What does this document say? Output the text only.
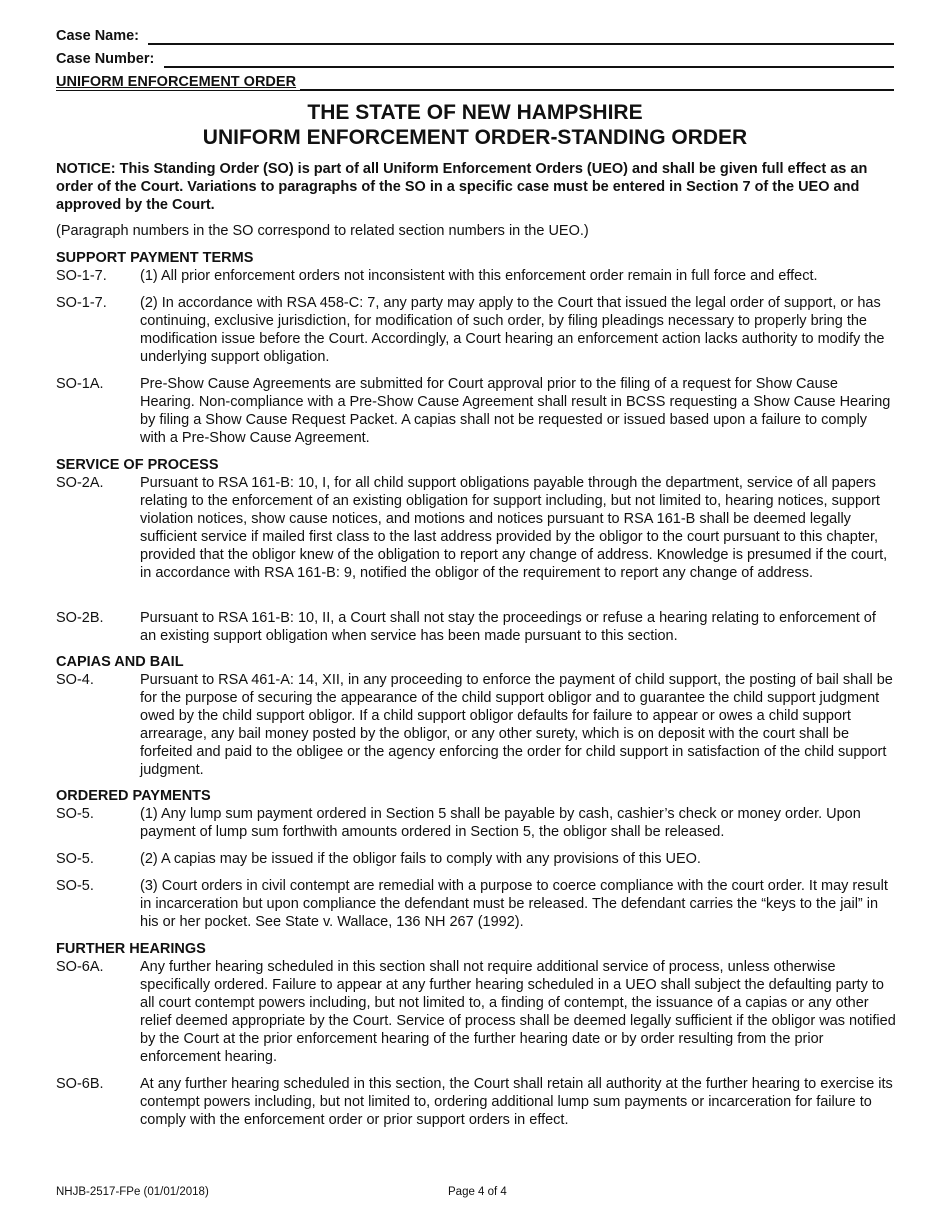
Case Name:
Case Number:
UNIFORM ENFORCEMENT ORDER
THE STATE OF NEW HAMPSHIRE
UNIFORM ENFORCEMENT ORDER-STANDING ORDER
NOTICE: This Standing Order (SO) is part of all Uniform Enforcement Orders (UEO) and shall be given full effect as an order of the Court. Variations to paragraphs of the SO in a specific case must be entered in Section 7 of the UEO and approved by the Court.
(Paragraph numbers in the SO correspond to related section numbers in the UEO.)
SUPPORT PAYMENT TERMS
SO-1-7.	(1) All prior enforcement orders not inconsistent with this enforcement order remain in full force and effect.
SO-1-7.	(2) In accordance with RSA 458-C: 7, any party may apply to the Court that issued the legal order of support, or has continuing, exclusive jurisdiction, for modification of such order, by filing pleadings necessary to properly bring the modification issue before the Court. Accordingly, a Court hearing an enforcement action lacks authority to modify the underlying support obligation.
SO-1A.	Pre-Show Cause Agreements are submitted for Court approval prior to the filing of a request for Show Cause Hearing. Non-compliance with a Pre-Show Cause Agreement shall result in BCSS requesting a Show Cause Hearing by filing a Show Cause Request Packet. A capias shall not be requested or issued based upon a failure to comply with a Pre-Show Cause Agreement.
SERVICE OF PROCESS
SO-2A.	Pursuant to RSA 161-B: 10, I, for all child support obligations payable through the department, service of all papers relating to the enforcement of an existing obligation for support including, but not limited to, hearing notices, support violation notices, show cause notices, and motions and notices pursuant to RSA 161-B shall be deemed legally sufficient service if mailed first class to the last address provided by the obligor to the court pursuant to this chapter, provided that the obligor knew of the obligation to report any change of address. Knowledge is presumed if the court, in accordance with RSA 161-B: 9, notified the obligor of the requirement to report any change of address.
SO-2B.	Pursuant to RSA 161-B: 10, II, a Court shall not stay the proceedings or refuse a hearing relating to enforcement of an existing support obligation when service has been made pursuant to this section.
CAPIAS AND BAIL
SO-4.	Pursuant to RSA 461-A: 14, XII, in any proceeding to enforce the payment of child support, the posting of bail shall be for the purpose of securing the appearance of the child support obligor and to guarantee the child support judgment owed by the child support obligor. If a child support obligor defaults for failure to appear or owes a child support arrearage, any bail money posted by the obligor, or any other surety, which is on deposit with the court shall be forfeited and paid to the obligee or the agency enforcing the order for child support in satisfaction of the child support judgment.
ORDERED PAYMENTS
SO-5.	(1) Any lump sum payment ordered in Section 5 shall be payable by cash, cashier’s check or money order. Upon payment of lump sum forthwith amounts ordered in Section 5, the obligor shall be released.
SO-5.	(2) A capias may be issued if the obligor fails to comply with any provisions of this UEO.
SO-5.	(3) Court orders in civil contempt are remedial with a purpose to coerce compliance with the court order. It may result in incarceration but upon compliance the defendant must be released. The defendant carries the “keys to the jail” in his or her pocket. See State v. Wallace, 136 NH 267 (1992).
FURTHER HEARINGS
SO-6A.	Any further hearing scheduled in this section shall not require additional service of process, unless otherwise specifically ordered. Failure to appear at any further hearing scheduled in a UEO shall subject the defaulting party to all court contempt powers including, but not limited to, a finding of contempt, the issuance of a capias or any other relief deemed appropriate by the Court. Service of process shall be deemed legally sufficient if the obligor was notified by the Court at the prior enforcement hearing of the further hearing date or by order resulting from the prior enforcement hearing.
SO-6B.	At any further hearing scheduled in this section, the Court shall retain all authority at the further hearing to exercise its contempt powers including, but not limited to, ordering additional lump sum payments or incarceration for failure to comply with the enforcement order or prior support orders in effect.
NHJB-2517-FPe (01/01/2018)	Page 4 of 4
